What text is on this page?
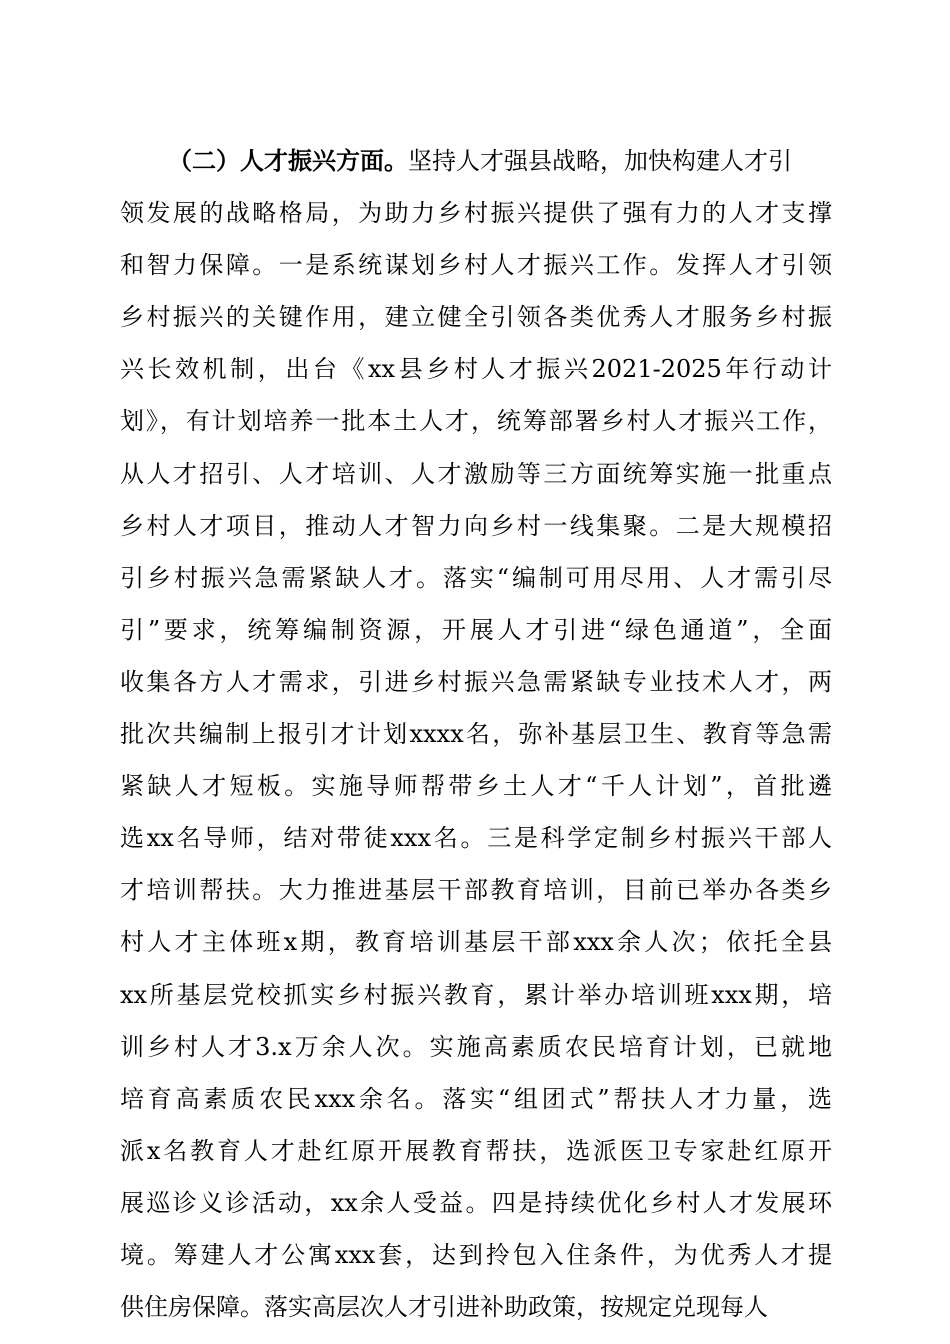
（二）人才振兴方面。坚持人才强县战略，加快构建人才引
领发展的战略格局，为助力乡村振兴提供了强有力的人才支撑
和智力保障。一是系统谋划乡村人才振兴工作。发挥人才引领
乡村振兴的关键作用，建立健全引领各类优秀人才服务乡村振
兴长效机制，出台《xx县乡村人才振兴2021-2025年行动计
划》，有计划培养一批本土人才，统筹部署乡村人才振兴工作，
从人才招引、人才培训、人才激励等三方面统筹实施一批重点
乡村人才项目，推动人才智力向乡村一线集聚。二是大规模招
引乡村振兴急需紧缺人才。落实“编制可用尽用、人才需引尽
引”要求，统筹编制资源，开展人才引进“绿色通道”，全面
收集各方人才需求，引进乡村振兴急需紧缺专业技术人才，两
批次共编制上报引才计划xxxx名，弥补基层卫生、教育等急需
紧缺人才短板。实施导师帮带乡土人才“千人计划”，首批遴
选xx名导师，结对带徒xxx名。三是科学定制乡村振兴干部人
才培训帮扶。大力推进基层干部教育培训，目前已举办各类乡
村人才主体班x期，教育培训基层干部xxx余人次；依托全县
xx所基层党校抓实乡村振兴教育，累计举办培训班xxx期，培
训乡村人才3.x万余人次。实施高素质农民培育计划，已就地
培育高素质农民xxx余名。落实“组团式”帮扶人才力量，选
派x名教育人才赴红原开展教育帮扶，选派医卫专家赴红原开
展巡诊义诊活动，xx余人受益。四是持续优化乡村人才发展环
境。筹建人才公寓xxx套，达到拎包入住条件，为优秀人才提
供住房保障。落实高层次人才引进补助政策，按规定兑现每人
